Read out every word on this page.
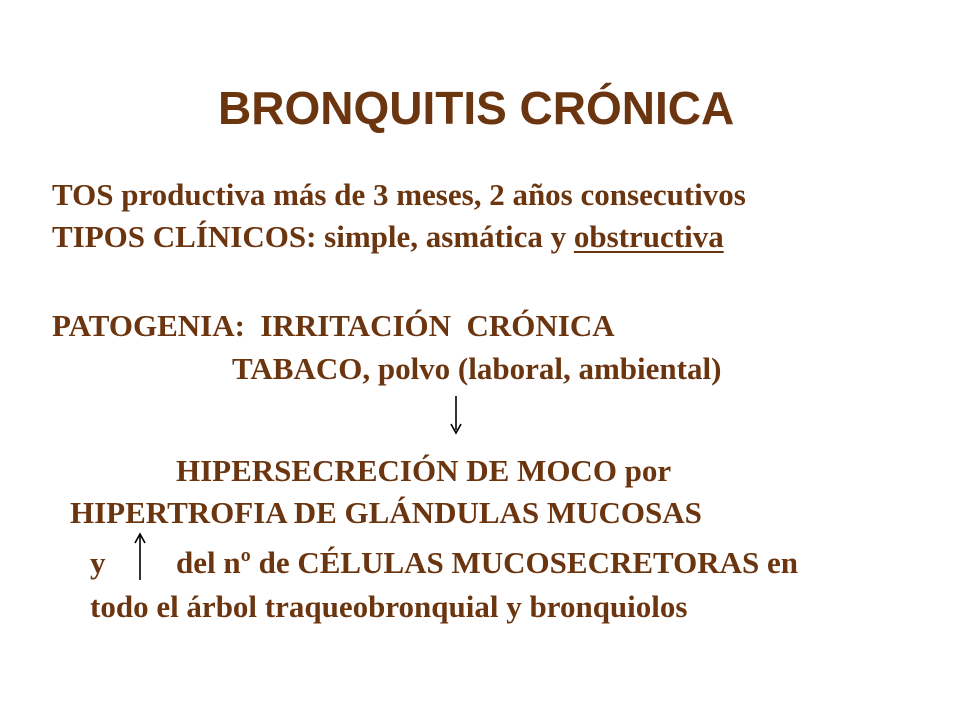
BRONQUITIS CRÓNICA
TOS productiva más de 3 meses, 2 años consecutivos
TIPOS CLÍNICOS: simple, asmática y obstructiva
PATOGENIA:  IRRITACIÓN  CRÓNICA
TABACO, polvo (laboral, ambiental)
HIPERSECRECIÓN DE MOCO por
HIPERTROFIA DE GLÁNDULAS MUCOSAS
y del nº de CÉLULAS MUCOSECRETORAS en
todo el árbol traqueobronquial y bronquiolos
